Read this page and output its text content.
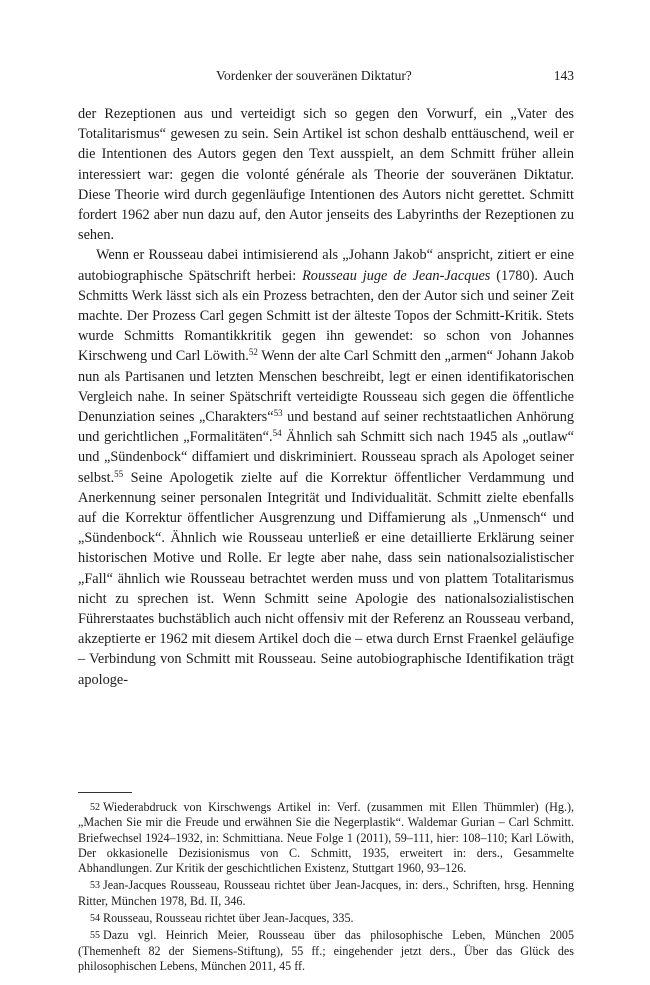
Vordenker der souveränen Diktatur?	143

der Rezeptionen aus und verteidigt sich so gegen den Vorwurf, ein „Vater des Totalitarismus“ gewesen zu sein. Sein Artikel ist schon deshalb enttäuschend, weil er die Intentionen des Autors gegen den Text ausspielt, an dem Schmitt früher allein interessiert war: gegen die volonté générale als Theorie der souveränen Diktatur. Diese Theorie wird durch gegenläufige Intentionen des Autors nicht gerettet. Schmitt fordert 1962 aber nun dazu auf, den Autor jenseits des Labyrinths der Rezeptionen zu sehen.

Wenn er Rousseau dabei intimisierend als „Johann Jakob“ anspricht, zitiert er eine autobiographische Spätschrift herbei: Rousseau juge de Jean-Jacques (1780). Auch Schmitts Werk lässt sich als ein Prozess betrachten, den der Autor sich und seiner Zeit machte. Der Prozess Carl gegen Schmitt ist der älteste Topos der Schmitt-Kritik. Stets wurde Schmitts Romantikkritik gegen ihn gewendet: so schon von Johannes Kirschweng und Carl Löwith.$^{52}$ Wenn der alte Carl Schmitt den „armen“ Johann Jakob nun als Partisanen und letzten Menschen beschreibt, legt er einen identifikatorischen Vergleich nahe. In seiner Spätschrift verteidigte Rousseau sich gegen die öffentliche Denunziation seines „Charakters“$^{53}$ und bestand auf seiner rechtstaatlichen Anhörung und gerichtlichen „Formalitäten“.$^{54}$ Ähnlich sah Schmitt sich nach 1945 als „outlaw“ und „Sündenbock“ diffamiert und diskriminiert. Rousseau sprach als Apologet seiner selbst.$^{55}$ Seine Apologetik zielte auf die Korrektur öffentlicher Verdammung und Anerkennung seiner personalen Integrität und Individualität. Schmitt zielte ebenfalls auf die Korrektur öffentlicher Ausgrenzung und Diffamierung als „Unmensch“ und „Sündenbock“. Ähnlich wie Rousseau unterließ er eine detaillierte Erklärung seiner historischen Motive und Rolle. Er legte aber nahe, dass sein nationalsozialistischer „Fall“ ähnlich wie Rousseau betrachtet werden muss und von plattem Totalitarismus nicht zu sprechen ist. Wenn Schmitt seine Apologie des nationalsozialistischen Führerstaates buchstäblich auch nicht offensiv mit der Referenz an Rousseau verband, akzeptierte er 1962 mit diesem Artikel doch die – etwa durch Ernst Fraenkel geläufige – Verbindung von Schmitt mit Rousseau. Seine autobiographische Identifikation trägt apologe-

52 Wiederabdruck von Kirschwengs Artikel in: Verf. (zusammen mit Ellen Thümmler) (Hg.), „Machen Sie mir die Freude und erwähnen Sie die Negerplastik“. Waldemar Gurian – Carl Schmitt. Briefwechsel 1924–1932, in: Schmittiana. Neue Folge 1 (2011), 59–111, hier: 108–110; Karl Löwith, Der okkasionelle Dezisionismus von C. Schmitt, 1935, erweitert in: ders., Gesammelte Abhandlungen. Zur Kritik der geschichtlichen Existenz, Stuttgart 1960, 93–126.

53 Jean-Jacques Rousseau, Rousseau richtet über Jean-Jacques, in: ders., Schriften, hrsg. Henning Ritter, München 1978, Bd. II, 346.

54 Rousseau, Rousseau richtet über Jean-Jacques, 335.

55 Dazu vgl. Heinrich Meier, Rousseau über das philosophische Leben, München 2005 (Themenheft 82 der Siemens-Stiftung), 55 ff.; eingehender jetzt ders., Über das Glück des philosophischen Lebens, München 2011, 45 ff.
